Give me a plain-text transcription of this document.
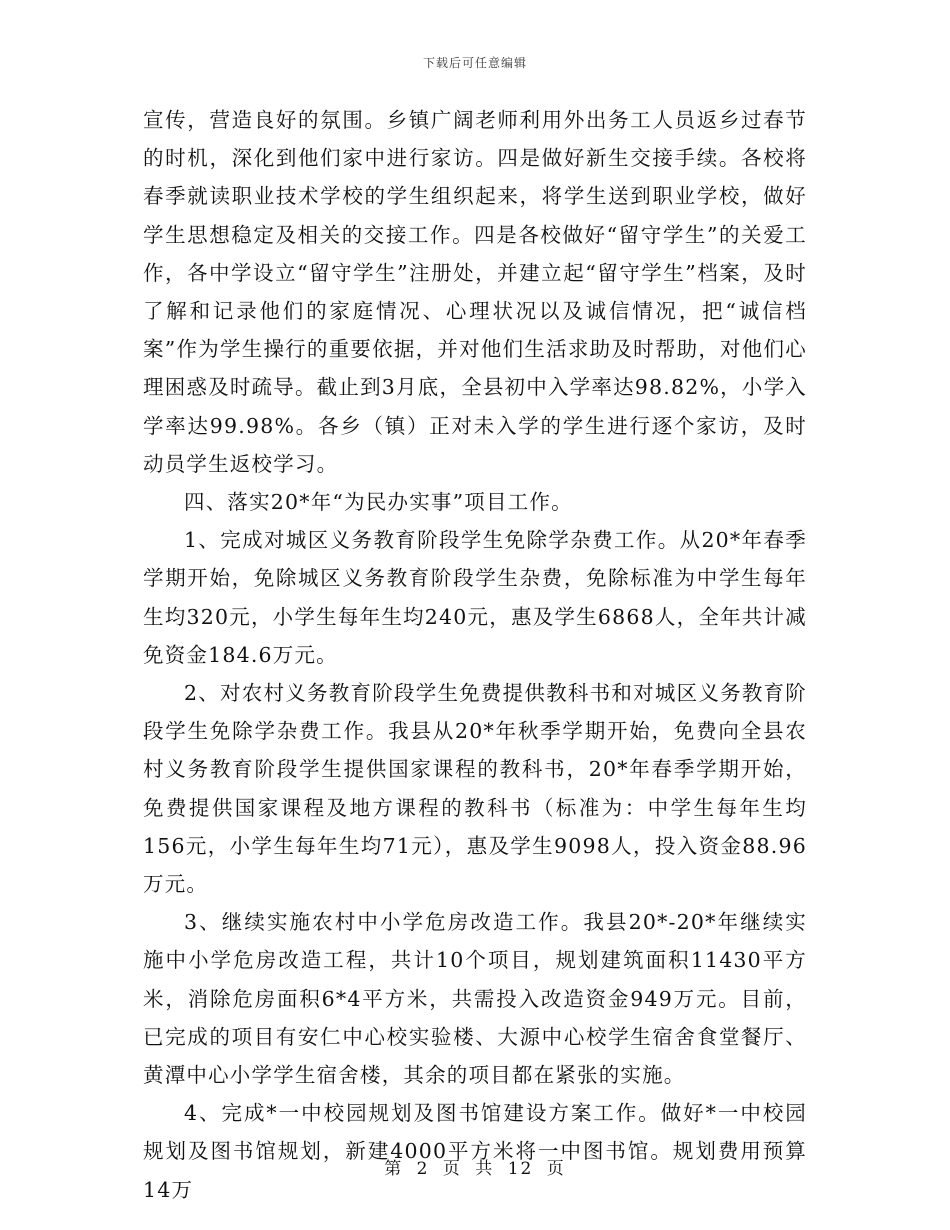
下载后可任意编辑

宣传，营造良好的氛围。乡镇广阔老师利用外出务工人员返乡过春节的时机，深化到他们家中进行家访。四是做好新生交接手续。各校将春季就读职业技术学校的学生组织起来，将学生送到职业学校，做好学生思想稳定及相关的交接工作。四是各校做好“留守学生”的关爱工作，各中学设立“留守学生”注册处，并建立起“留守学生”档案，及时了解和记录他们的家庭情况、心理状况以及诚信情况，把“诚信档案”作为学生操行的重要依据，并对他们生活求助及时帮助，对他们心理困惑及时疏导。截止到3月底，全县初中入学率达98.82%，小学入学率达99.98%。各乡（镇）正对未入学的学生进行逐个家访，及时动员学生返校学习。

四、落实20*年“为民办实事”项目工作。

1、完成对城区义务教育阶段学生免除学杂费工作。从20*年春季学期开始，免除城区义务教育阶段学生杂费，免除标准为中学生每年生均320元，小学生每年生均240元，惠及学生6868人，全年共计减免资金184.6万元。

2、对农村义务教育阶段学生免费提供教科书和对城区义务教育阶段学生免除学杂费工作。我县从20*年秋季学期开始，免费向全县农村义务教育阶段学生提供国家课程的教科书，20*年春季学期开始，免费提供国家课程及地方课程的教科书（标准为：中学生每年生均156元，小学生每年生均71元），惠及学生9098人，投入资金88.96万元。

3、继续实施农村中小学危房改造工作。我县20*-20*年继续实施中小学危房改造工程，共计10个项目，规划建筑面积11430平方米，消除危房面积6*4平方米，共需投入改造资金949万元。目前，已完成的项目有安仁中心校实验楼、大源中心校学生宿舍食堂餐厅、黄潭中心小学学生宿舍楼，其余的项目都在紧张的实施。

4、完成*一中校园规划及图书馆建设方案工作。做好*一中校园规划及图书馆规划，新建4000平方米将一中图书馆。规划费用预算14万

第 2 页 共 12 页
